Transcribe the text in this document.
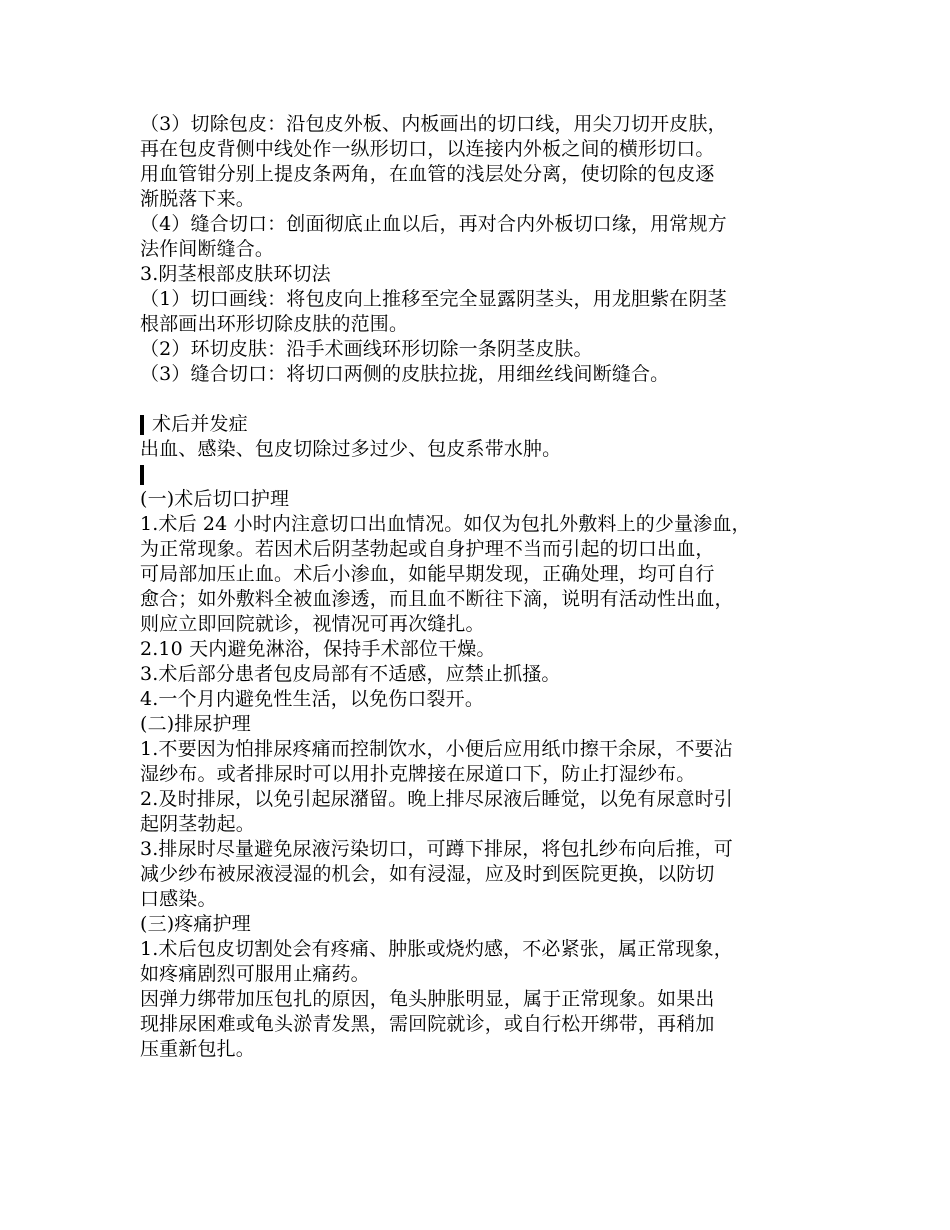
（3）切除包皮：沿包皮外板、内板画出的切口线，用尖刀切开皮肤，
再在包皮背侧中线处作一纵形切口，以连接内外板之间的横形切口。
用血管钳分别上提皮条两角，在血管的浅层处分离，使切除的包皮逐
渐脱落下来。
（4）缝合切口：创面彻底止血以后，再对合内外板切口缘，用常规方
法作间断缝合。
3.阴茎根部皮肤环切法
（1）切口画线：将包皮向上推移至完全显露阴茎头，用龙胆紫在阴茎
根部画出环形切除皮肤的范围。
（2）环切皮肤：沿手术画线环形切除一条阴茎皮肤。
（3）缝合切口：将切口两侧的皮肤拉拢，用细丝线间断缝合。
术后并发症
出血、感染、包皮切除过多过少、包皮系带水肿。
(一)术后切口护理
1.术后 24 小时内注意切口出血情况。如仅为包扎外敷料上的少量渗血，
为正常现象。若因术后阴茎勃起或自身护理不当而引起的切口出血，
可局部加压止血。术后小渗血，如能早期发现，正确处理，均可自行
愈合；如外敷料全被血渗透，而且血不断往下滴，说明有活动性出血，
则应立即回院就诊，视情况可再次缝扎。
2.10 天内避免淋浴，保持手术部位干燥。
3.术后部分患者包皮局部有不适感，应禁止抓搔。
4.一个月内避免性生活，以免伤口裂开。
(二)排尿护理
1.不要因为怕排尿疼痛而控制饮水，小便后应用纸巾擦干余尿，不要沾
湿纱布。或者排尿时可以用扑克牌接在尿道口下，防止打湿纱布。
2.及时排尿，以免引起尿潴留。晚上排尽尿液后睡觉，以免有尿意时引
起阴茎勃起。
3.排尿时尽量避免尿液污染切口，可蹲下排尿，将包扎纱布向后推，可
减少纱布被尿液浸湿的机会，如有浸湿，应及时到医院更换，以防切
口感染。
(三)疼痛护理
1.术后包皮切割处会有疼痛、肿胀或烧灼感，不必紧张，属正常现象，
如疼痛剧烈可服用止痛药。
因弹力绑带加压包扎的原因，龟头肿胀明显，属于正常现象。如果出
现排尿困难或龟头淤青发黑，需回院就诊，或自行松开绑带，再稍加
压重新包扎。
